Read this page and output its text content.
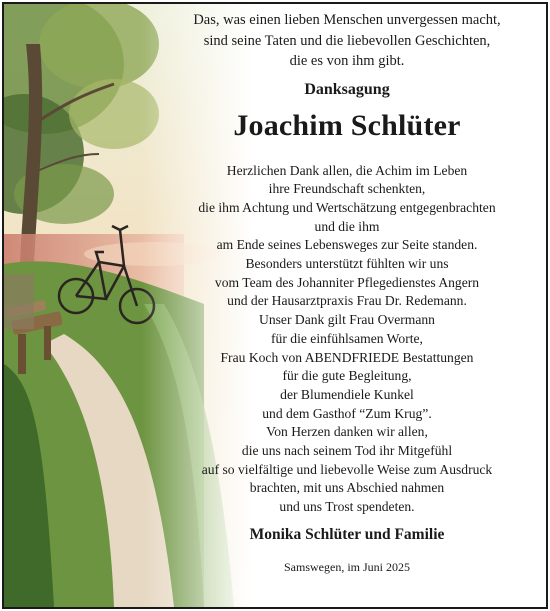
Das, was einen lieben Menschen unvergessen macht,
sind seine Taten und die liebevollen Geschichten,
die es von ihm gibt.
Danksagung
Joachim Schlüter
Herzlichen Dank allen, die Achim im Leben
ihre Freundschaft schenkten,
die ihm Achtung und Wertschätzung entgegenbrachten
und die ihm
am Ende seines Lebensweges zur Seite standen.
Besonders unterstützt fühlten wir uns
vom Team des Johanniter Pflegedienstes Angern
und der Hausarztpraxis Frau Dr. Redemann.
Unser Dank gilt Frau Overmann
für die einfühlsamen Worte,
Frau Koch von ABENDFRIEDE Bestattungen
für die gute Begleitung,
der Blumendiele Kunkel
und dem Gasthof “Zum Krug”.
Von Herzen danken wir allen,
die uns nach seinem Tod ihr Mitgefühl
auf so vielfältige und liebevolle Weise zum Ausdruck
brachten, mit uns Abschied nahmen
und uns Trost spendeten.
Monika Schlüter und Familie
Samswegen, im Juni 2025
